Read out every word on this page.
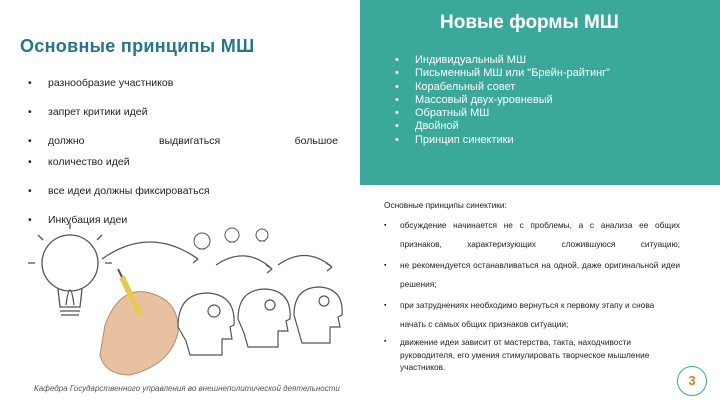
Основные принципы МШ
• разнообразие участников
• запрет критики идей
• должно выдвигаться большое
• количество идей
• все идеи должны фиксироваться
• Инкубация идеи
Новые формы МШ
• Индивидуальный МШ
• Письменный МШ или "Брейн-райтинг"
• Корабельный совет
• Массовый двух-уровневый
• Обратный МШ
• Двойной
• Принцип синектики
Основные принципы синектики:
▪ обсуждение начинается не с проблемы, а с анализа ее общих признаков, характеризующих сложившуюся ситуацию;
▪ не рекомендуется останавливаться на одной, даже оригинальной идеи решения;
▪ при затруднениях необходимо вернуться к первому этапу и снова начать с самых общих признаков ситуации;
▪ движение идеи зависит от мастерства, такта, находчивости руководителя, его умения стимулировать творческое мышление участников.
Кафедра Государственного управления во внешнеполитической деятельности
3
